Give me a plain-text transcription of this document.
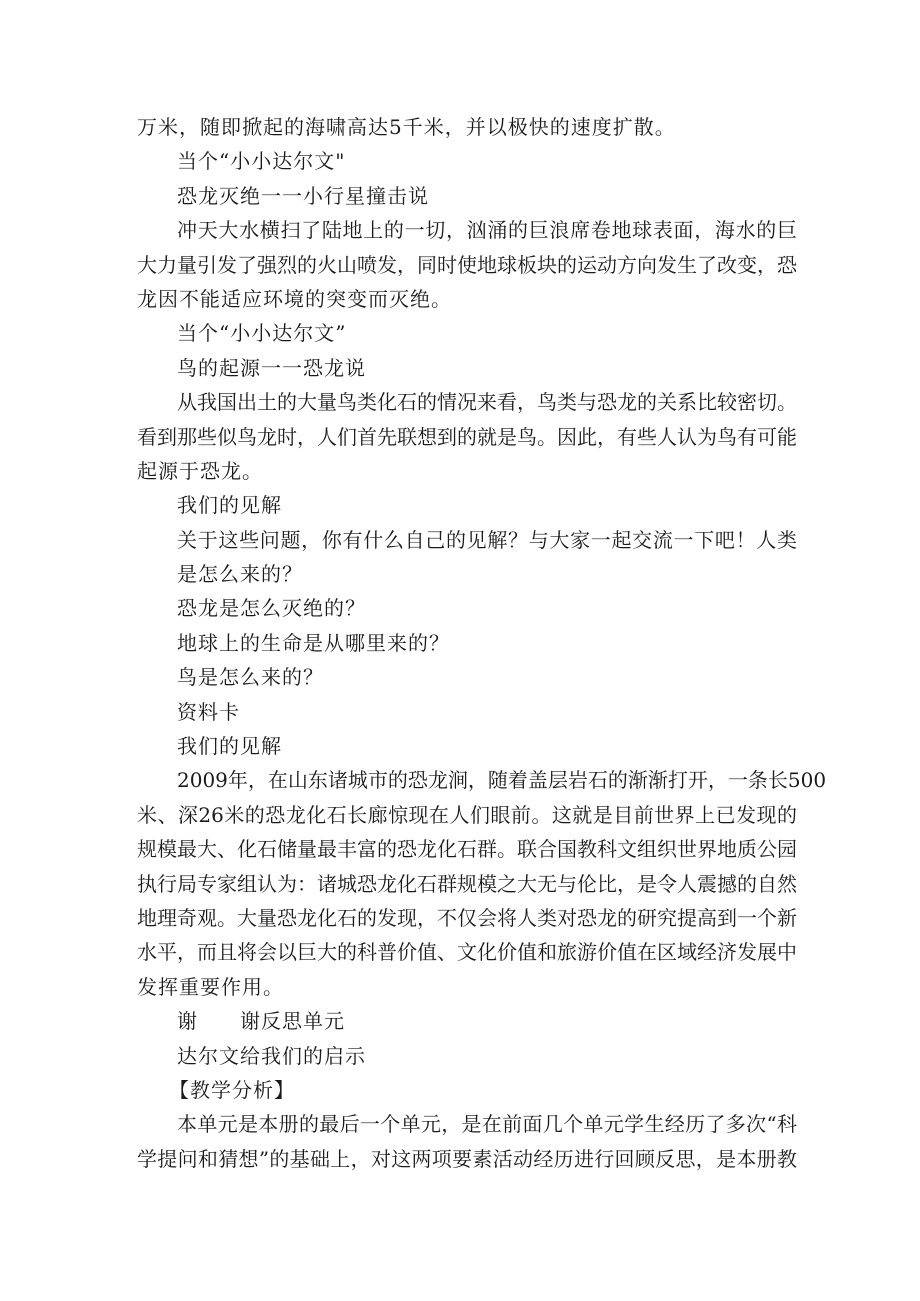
万米，随即掀起的海啸高达5千米，并以极快的速度扩散。
当个“小小达尔文"
恐龙灭绝一一小行星撞击说
冲天大水横扫了陆地上的一切，汹涌的巨浪席卷地球表面，海水的巨
大力量引发了强烈的火山喷发，同时使地球板块的运动方向发生了改变，恐
龙因不能适应环境的突变而灭绝。
当个“小小达尔文”
鸟的起源一一恐龙说
从我国出土的大量鸟类化石的情况来看，鸟类与恐龙的关系比较密切。
看到那些似鸟龙时，人们首先联想到的就是鸟。因此，有些人认为鸟有可能
起源于恐龙。
我们的见解
关于这些问题，你有什么自己的见解？与大家一起交流一下吧！人类
是怎么来的？
恐龙是怎么灭绝的？
地球上的生命是从哪里来的？
鸟是怎么来的？
资料卡
我们的见解
2009年，在山东诸城市的恐龙涧，随着盖层岩石的渐渐打开，一条长500
米、深26米的恐龙化石长廊惊现在人们眼前。这就是目前世界上已发现的
规模最大、化石储量最丰富的恐龙化石群。联合国教科文组织世界地质公园
执行局专家组认为：诸城恐龙化石群规模之大无与伦比，是令人震撼的自然
地理奇观。大量恐龙化石的发现，不仅会将人类对恐龙的研究提高到一个新
水平，而且将会以巨大的科普价值、文化价值和旅游价值在区域经济发展中
发挥重要作用。
谢　　谢反思单元
达尔文给我们的启示
【教学分析】
本单元是本册的最后一个单元，是在前面几个单元学生经历了多次“科
学提问和猜想”的基础上，对这两项要素活动经历进行回顾反思，是本册教
